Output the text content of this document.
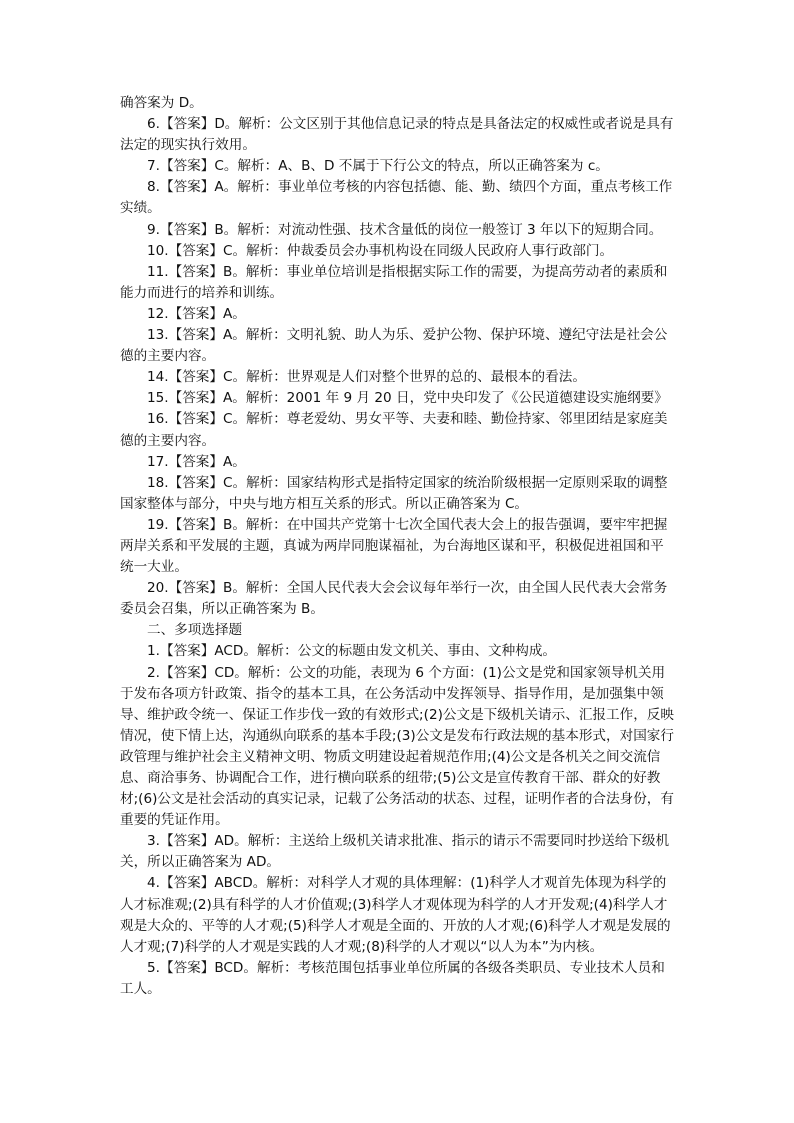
确答案为 D。

6.【答案】D。解析：公文区别于其他信息记录的特点是具备法定的权威性或者说是具有法定的现实执行效用。

7.【答案】C。解析：A、B、D 不属于下行公文的特点，所以正确答案为 c。

8.【答案】A。解析：事业单位考核的内容包括德、能、勤、绩四个方面，重点考核工作实绩。

9.【答案】B。解析：对流动性强、技术含量低的岗位一般签订 3 年以下的短期合同。

10.【答案】C。解析：仲裁委员会办事机构设在同级人民政府人事行政部门。

11.【答案】B。解析：事业单位培训是指根据实际工作的需要，为提高劳动者的素质和能力而进行的培养和训练。

12.【答案】A。

13.【答案】A。解析：文明礼貌、助人为乐、爱护公物、保护环境、遵纪守法是社会公德的主要内容。

14.【答案】C。解析：世界观是人们对整个世界的总的、最根本的看法。

15.【答案】A。解析：2001 年 9 月 20 日，党中央印发了《公民道德建设实施纲要》

16.【答案】C。解析：尊老爱幼、男女平等、夫妻和睦、勤俭持家、邻里团结是家庭美德的主要内容。

17.【答案】A。

18.【答案】C。解析：国家结构形式是指特定国家的统治阶级根据一定原则采取的调整国家整体与部分，中央与地方相互关系的形式。所以正确答案为 C。

19.【答案】B。解析：在中国共产党第十七次全国代表大会上的报告强调，要牢牢把握两岸关系和平发展的主题，真诚为两岸同胞谋福祉，为台海地区谋和平，积极促进祖国和平统一大业。

20.【答案】B。解析：全国人民代表大会会议每年举行一次，由全国人民代表大会常务委员会召集，所以正确答案为 B。

二、多项选择题

1.【答案】ACD。解析：公文的标题由发文机关、事由、文种构成。

2.【答案】CD。解析：公文的功能，表现为 6 个方面：(1)公文是党和国家领导机关用于发布各项方针政策、指令的基本工具，在公务活动中发挥领导、指导作用，是加强集中领导、维护政令统一、保证工作步伐一致的有效形式;(2)公文是下级机关请示、汇报工作，反映情况，使下情上达，沟通纵向联系的基本手段;(3)公文是发布行政法规的基本形式，对国家行政管理与维护社会主义精神文明、物质文明建设起着规范作用;(4)公文是各机关之间交流信息、商洽事务、协调配合工作，进行横向联系的纽带;(5)公文是宣传教育干部、群众的好教材;(6)公文是社会活动的真实记录，记载了公务活动的状态、过程，证明作者的合法身份，有重要的凭证作用。

3.【答案】AD。解析：主送给上级机关请求批准、指示的请示不需要同时抄送给下级机关，所以正确答案为 AD。

4.【答案】ABCD。解析：对科学人才观的具体理解：(1)科学人才观首先体现为科学的人才标准观;(2)具有科学的人才价值观;(3)科学人才观体现为科学的人才开发观;(4)科学人才观是大众的、平等的人才观;(5)科学人才观是全面的、开放的人才观;(6)科学人才观是发展的人才观;(7)科学的人才观是实践的人才观;(8)科学的人才观以“以人为本”为内核。

5.【答案】BCD。解析：考核范围包括事业单位所属的各级各类职员、专业技术人员和工人。
